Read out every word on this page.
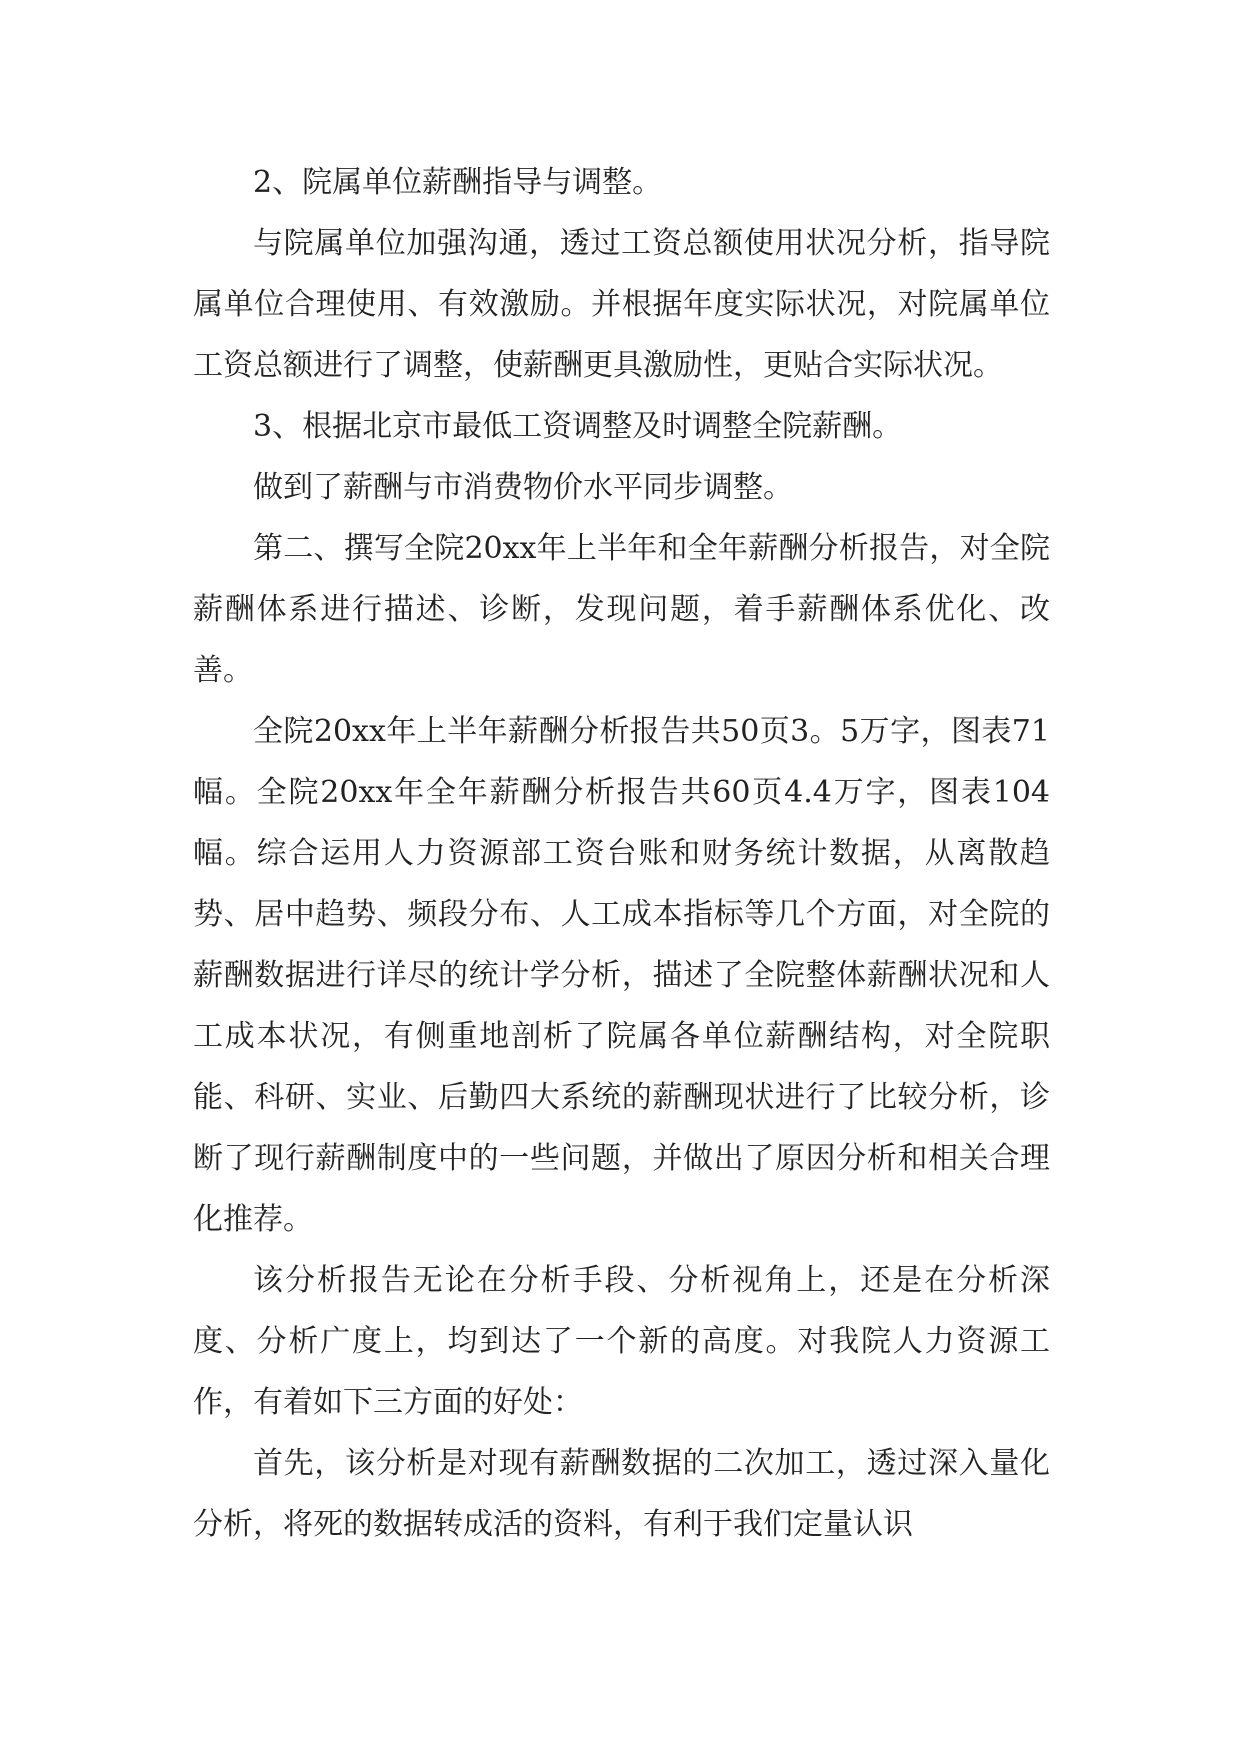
2、院属单位薪酬指导与调整。

与院属单位加强沟通，透过工资总额使用状况分析，指导院属单位合理使用、有效激励。并根据年度实际状况，对院属单位工资总额进行了调整，使薪酬更具激励性，更贴合实际状况。

3、根据北京市最低工资调整及时调整全院薪酬。

做到了薪酬与市消费物价水平同步调整。

第二、撰写全院20xx年上半年和全年薪酬分析报告，对全院薪酬体系进行描述、诊断，发现问题，着手薪酬体系优化、改善。

全院20xx年上半年薪酬分析报告共50页3。5万字，图表71幅。全院20xx年全年薪酬分析报告共60页4.4万字，图表104幅。综合运用人力资源部工资台账和财务统计数据，从离散趋势、居中趋势、频段分布、人工成本指标等几个方面，对全院的薪酬数据进行详尽的统计学分析，描述了全院整体薪酬状况和人工成本状况，有侧重地剖析了院属各单位薪酬结构，对全院职能、科研、实业、后勤四大系统的薪酬现状进行了比较分析，诊断了现行薪酬制度中的一些问题，并做出了原因分析和相关合理化推荐。

该分析报告无论在分析手段、分析视角上，还是在分析深度、分析广度上，均到达了一个新的高度。对我院人力资源工作，有着如下三方面的好处：

首先，该分析是对现有薪酬数据的二次加工，透过深入量化分析，将死的数据转成活的资料，有利于我们定量认识
